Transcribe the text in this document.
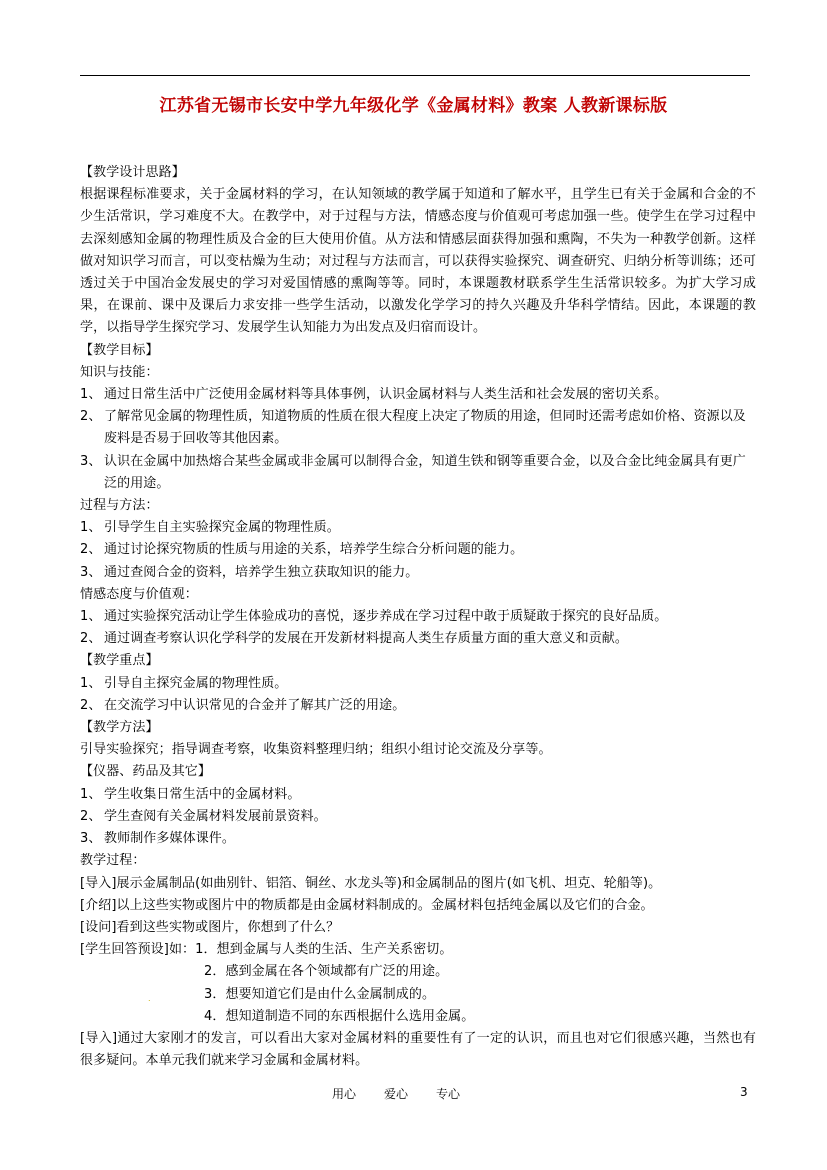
江苏省无锡市长安中学九年级化学《金属材料》教案 人教新课标版

【教学设计思路】

根据课程标准要求，关于金属材料的学习，在认知领域的教学属于知道和了解水平，且学生已有关于金属和合金的不少生活常识，学习难度不大。在教学中，对于过程与方法，情感态度与价值观可考虑加强一些。使学生在学习过程中去深刻感知金属的物理性质及合金的巨大使用价值。从方法和情感层面获得加强和熏陶，不失为一种教学创新。这样做对知识学习而言，可以变枯燥为生动；对过程与方法而言，可以获得实验探究、调查研究、归纳分析等训练；还可透过关于中国冶金发展史的学习对爱国情感的熏陶等等。同时，本课题教材联系学生生活常识较多。为扩大学习成果，在课前、课中及课后力求安排一些学生活动，以激发化学学习的持久兴趣及升华科学情结。因此，本课题的教学，以指导学生探究学习、发展学生认知能力为出发点及归宿而设计。

【教学目标】

知识与技能：

1、 通过日常生活中广泛使用金属材料等具体事例，认识金属材料与人类生活和社会发展的密切关系。

2、 了解常见金属的物理性质，知道物质的性质在很大程度上决定了物质的用途，但同时还需考虑如价格、资源以及废料是否易于回收等其他因素。

3、 认识在金属中加热熔合某些金属或非金属可以制得合金，知道生铁和钢等重要合金，以及合金比纯金属具有更广泛的用途。

过程与方法：

1、 引导学生自主实验探究金属的物理性质。

2、 通过讨论探究物质的性质与用途的关系，培养学生综合分析问题的能力。

3、 通过查阅合金的资料，培养学生独立获取知识的能力。

情感态度与价值观：

1、 通过实验探究活动让学生体验成功的喜悦，逐步养成在学习过程中敢于质疑敢于探究的良好品质。

2、 通过调查考察认识化学科学的发展在开发新材料提高人类生存质量方面的重大意义和贡献。

【教学重点】

1、 引导自主探究金属的物理性质。

2、 在交流学习中认识常见的合金并了解其广泛的用途。

【教学方法】

引导实验探究；指导调查考察，收集资料整理归纳；组织小组讨论交流及分享等。

【仪器、药品及其它】

1、 学生收集日常生活中的金属材料。

2、 学生查阅有关金属材料发展前景资料。

3、 教师制作多媒体课件。

教学过程：

[导入]展示金属制品(如曲别针、铝箔、铜丝、水龙头等)和金属制品的图片(如飞机、坦克、轮船等)。

[介绍]以上这些实物或图片中的物质都是由金属材料制成的。金属材料包括纯金属以及它们的合金。

[设问]看到这些实物或图片，你想到了什么？

[学生回答预设]如：1．想到金属与人类的生活、生产关系密切。

2．感到金属在各个领域都有广泛的用途。

3．想要知道它们是由什么金属制成的。

4．想知道制造不同的东西根据什么选用金属。

[导入]通过大家刚才的发言，可以看出大家对金属材料的重要性有了一定的认识，而且也对它们很感兴趣，当然也有很多疑问。本单元我们就来学习金属和金属材料。

.
用心 爱心 专心	3
